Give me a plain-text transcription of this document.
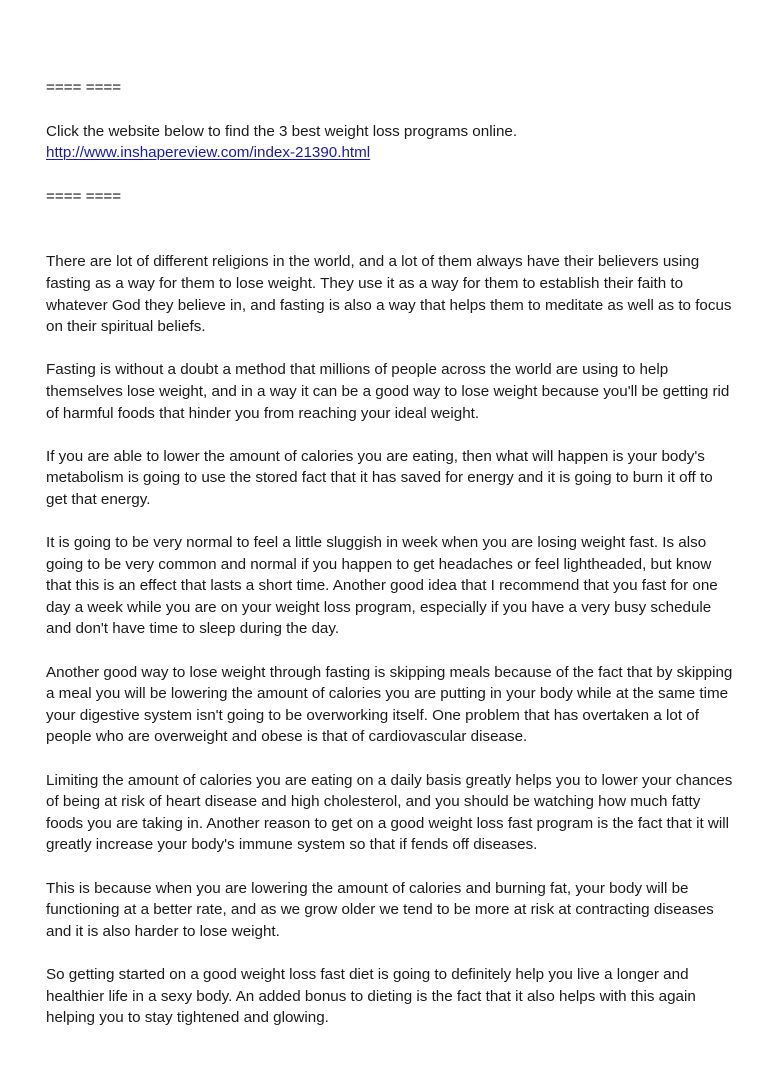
==== ====

Click the website below to find the 3 best weight loss programs online.

http://www.inshapereview.com/index-21390.html

==== ====

There are lot of different religions in the world, and a lot of them always have their believers using fasting as a way for them to lose weight. They use it as a way for them to establish their faith to whatever God they believe in, and fasting is also a way that helps them to meditate as well as to focus on their spiritual beliefs.

Fasting is without a doubt a method that millions of people across the world are using to help themselves lose weight, and in a way it can be a good way to lose weight because you'll be getting rid of harmful foods that hinder you from reaching your ideal weight.

If you are able to lower the amount of calories you are eating, then what will happen is your body's metabolism is going to use the stored fact that it has saved for energy and it is going to burn it off to get that energy.

It is going to be very normal to feel a little sluggish in week when you are losing weight fast. Is also going to be very common and normal if you happen to get headaches or feel lightheaded, but know that this is an effect that lasts a short time. Another good idea that I recommend that you fast for one day a week while you are on your weight loss program, especially if you have a very busy schedule and don't have time to sleep during the day.

Another good way to lose weight through fasting is skipping meals because of the fact that by skipping a meal you will be lowering the amount of calories you are putting in your body while at the same time your digestive system isn't going to be overworking itself. One problem that has overtaken a lot of people who are overweight and obese is that of cardiovascular disease.

Limiting the amount of calories you are eating on a daily basis greatly helps you to lower your chances of being at risk of heart disease and high cholesterol, and you should be watching how much fatty foods you are taking in. Another reason to get on a good weight loss fast program is the fact that it will greatly increase your body's immune system so that if fends off diseases.

This is because when you are lowering the amount of calories and burning fat, your body will be functioning at a better rate, and as we grow older we tend to be more at risk at contracting diseases and it is also harder to lose weight.

So getting started on a good weight loss fast diet is going to definitely help you live a longer and healthier life in a sexy body. An added bonus to dieting is the fact that it also helps with this again helping you to stay tightened and glowing.
